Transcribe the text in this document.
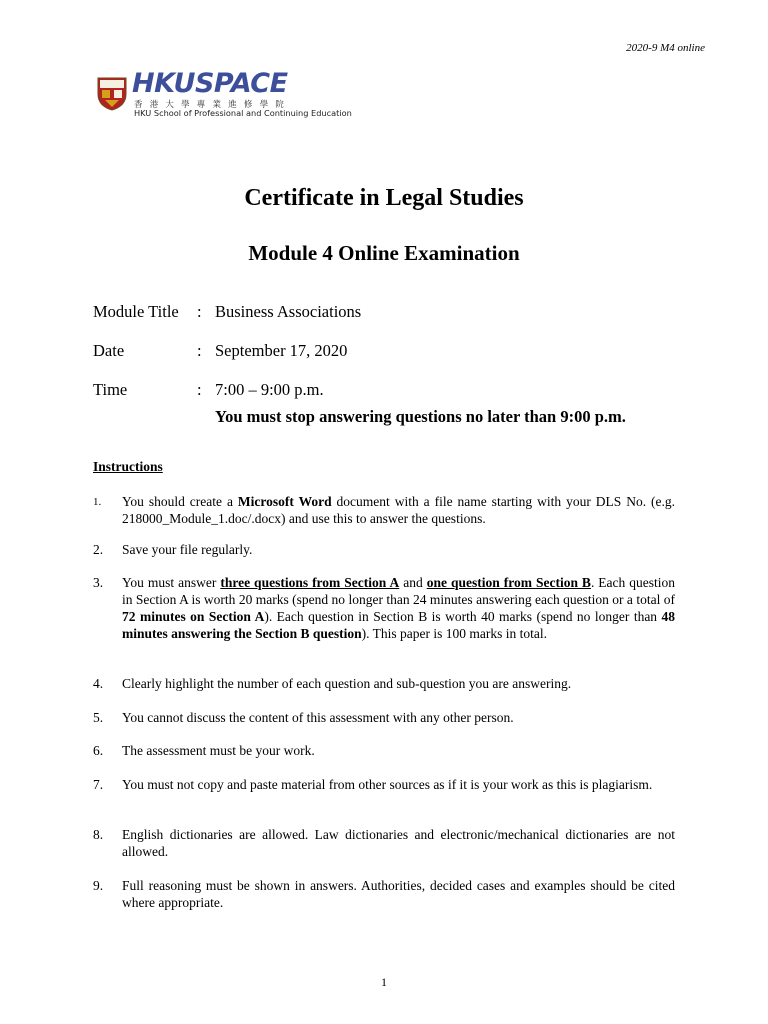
2020-9 M4 online
HKUSPACE
香港大學專業進修學院
HKU School of Professional and Continuing Education
Certificate in Legal Studies
Module 4 Online Examination
Module Title	: Business Associations
Date	: September 17, 2020
Time	: 7:00 – 9:00 p.m.
You must stop answering questions no later than 9:00 p.m.
Instructions
1. You should create a Microsoft Word document with a file name starting with your DLS No. (e.g. 218000_Module_1.doc/.docx) and use this to answer the questions.
2. Save your file regularly.
3. You must answer three questions from Section A and one question from Section B. Each question in Section A is worth 20 marks (spend no longer than 24 minutes answering each question or a total of 72 minutes on Section A). Each question in Section B is worth 40 marks (spend no longer than 48 minutes answering the Section B question). This paper is 100 marks in total.
4. Clearly highlight the number of each question and sub-question you are answering.
5. You cannot discuss the content of this assessment with any other person.
6. The assessment must be your work.
7. You must not copy and paste material from other sources as if it is your work as this is plagiarism.
8. English dictionaries are allowed. Law dictionaries and electronic/mechanical dictionaries are not allowed.
9. Full reasoning must be shown in answers. Authorities, decided cases and examples should be cited where appropriate.
1
